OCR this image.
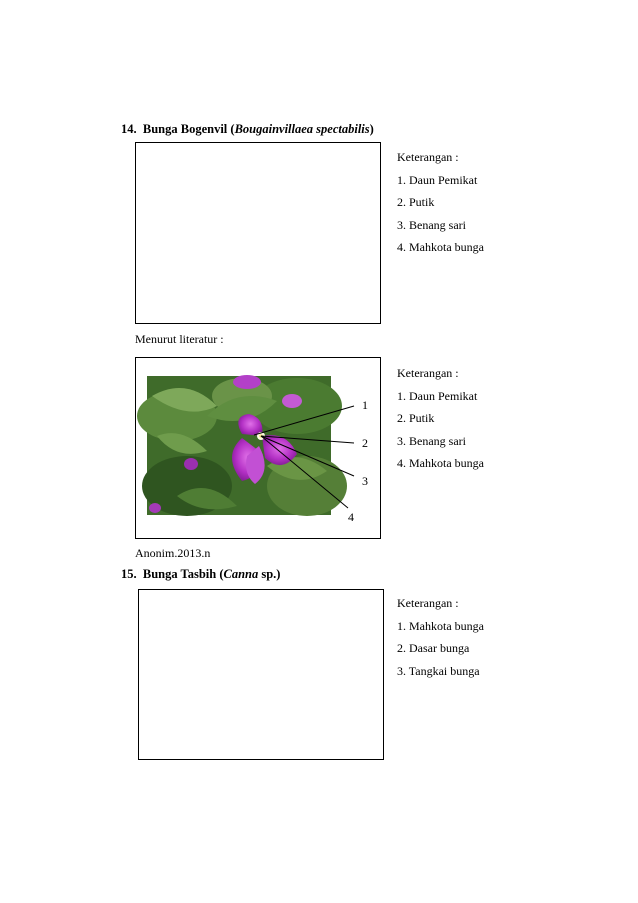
14. Bunga Bogenvil (Bougainvillaea spectabilis)
Keterangan :
1. Daun Pemikat
2. Putik
3. Benang sari
4. Mahkota bunga
Menurut literatur :
1
2
3
4
Keterangan :
1. Daun Pemikat
2. Putik
3. Benang sari
4. Mahkota bunga
Anonim.2013.n
15. Bunga Tasbih (Canna sp.)
Keterangan :
1. Mahkota bunga
2. Dasar bunga
3. Tangkai bunga
